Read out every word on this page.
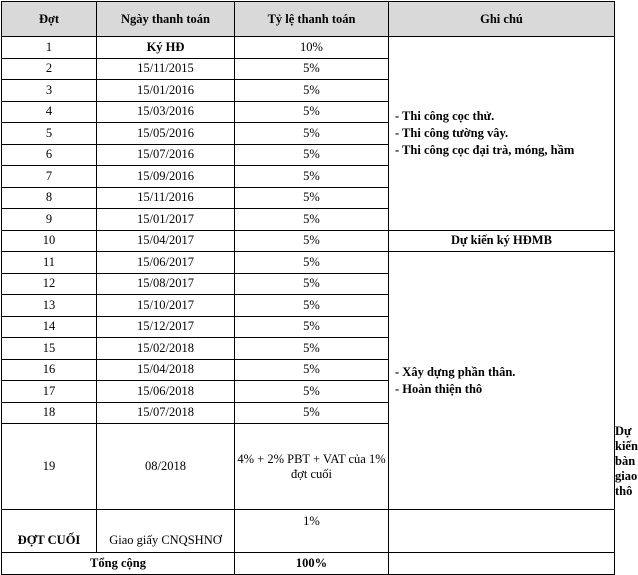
Đợt	Ngày thanh toán	Tỷ lệ thanh toán	Ghi chú	
1	Ký HĐ	10%	- Thi công cọc thử.
- Thi công tường vây.
- Thi công cọc đại trà, móng, hầm	

2	15/11/2015	5%		
3	15/01/2016	5%		
4	15/03/2016	5%		
5	15/05/2016	5%		
6	15/07/2016	5%		
7	15/09/2016	5%		
8	15/11/2016	5%		
9	15/01/2017	5%		
10	15/04/2017	5%	Dự kiến ký HĐMB	
11	15/06/2017	5%	- Xây dựng phần thân.
- Hoàn thiện thô	

12	15/08/2017	5%		
13	15/10/2017	5%		
14	15/12/2017	5%		
15	15/02/2018	5%		
16	15/04/2018	5%		
17	15/06/2018	5%		
18	15/07/2018	5%		
19	08/2018	4% + 2% PBT + VAT của 1% đợt cuối		Dự kiến bàn giao thô
ĐỢT CUỐI	Giao giấy CNQSHNƠ	1%		
Tổng cộng		100%		
